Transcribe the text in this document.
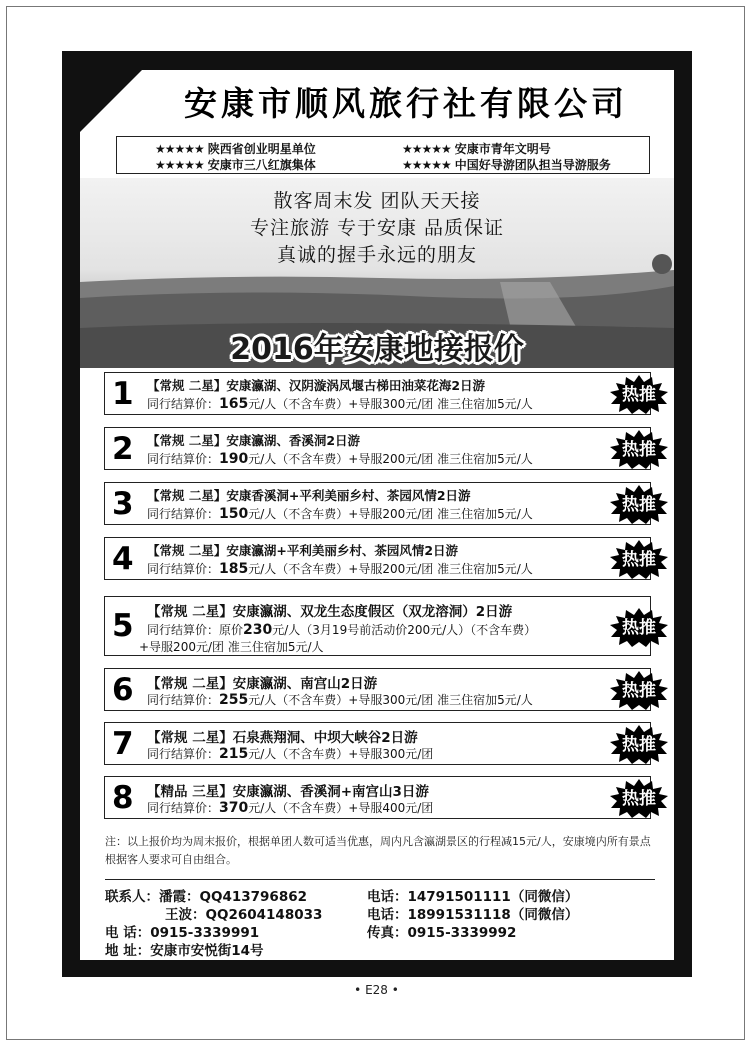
安康市顺风旅行社有限公司
★★★★★ 陕西省创业明星单位	★★★★★ 安康市青年文明号
★★★★★ 安康市三八红旗集体	★★★★★ 中国好导游团队担当导游服务
散客周末发 团队天天接
专注旅游 专于安康 品质保证
真诚的握手永远的朋友
2016年安康地接报价
1 【常规 二星】安康瀛湖、汉阴漩涡凤堰古梯田油菜花海2日游
同行结算价：165元/人（不含车费）+导服300元/团 准三住宿加5元/人	热推
2 【常规 二星】安康瀛湖、香溪洞2日游
同行结算价：190元/人（不含车费）+导服200元/团 准三住宿加5元/人	热推
3 【常规 二星】安康香溪洞+平利美丽乡村、茶园风情2日游
同行结算价：150元/人（不含车费）+导服200元/团 准三住宿加5元/人	热推
4 【常规 二星】安康瀛湖+平利美丽乡村、茶园风情2日游
同行结算价：185元/人（不含车费）+导服200元/团 准三住宿加5元/人	热推
5 【常规 二星】安康瀛湖、双龙生态度假区（双龙溶洞）2日游
同行结算价：原价230元/人（3月19号前活动价200元/人）（不含车费）
+导服200元/团 准三住宿加5元/人
热推
6 【常规 二星】安康瀛湖、南宫山2日游
同行结算价：255元/人（不含车费）+导服300元/团 准三住宿加5元/人	热推
7 【常规 二星】石泉燕翔洞、中坝大峡谷2日游
同行结算价：215元/人（不含车费）+导服300元/团	热推
8 【精品 三星】安康瀛湖、香溪洞+南宫山3日游
同行结算价：370元/人（不含车费）+导服400元/团	热推
注：以上报价均为周末报价，根据单团人数可适当优惠，周内凡含瀛湖景区的行程减15元/人，安康境内所有景点根据客人要求可自由组合。
联系人：潘霞：QQ413796862	电话：14791501111（同微信）
王波：QQ2604148033	电话：18991531118（同微信）
电 话：0915-3339991	传真：0915-3339992
地 址：安康市安悦街14号
• E28 •
